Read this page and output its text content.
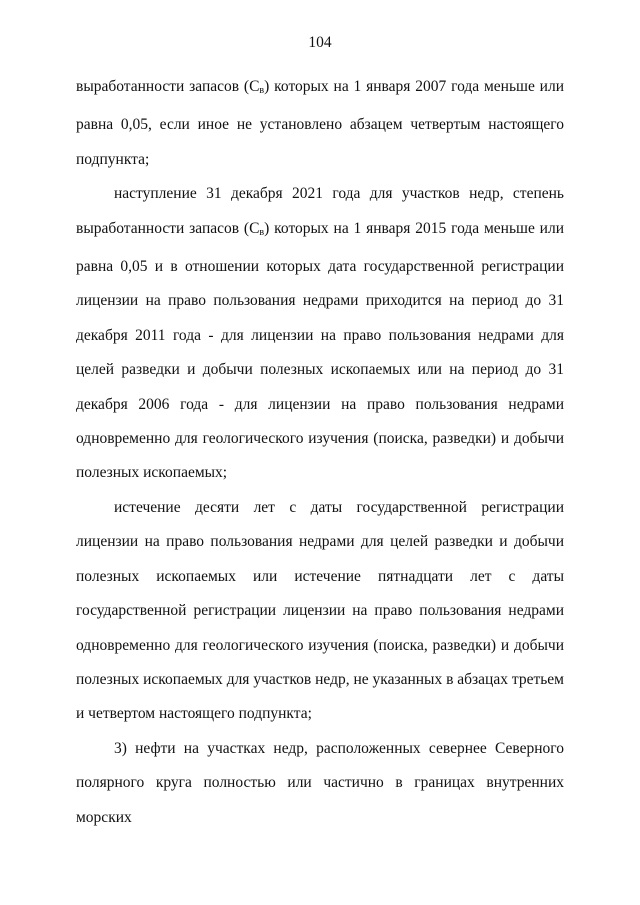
104

выработанности запасов $(С_в)$ которых на 1 января 2007 года меньше или равна 0,05, если иное не установлено абзацем четвертым настоящего подпункта;

наступление 31 декабря 2021 года для участков недр, степень выработанности запасов $(С_в)$ которых на 1 января 2015 года меньше или равна 0,05 и в отношении которых дата государственной регистрации лицензии на право пользования недрами приходится на период до 31 декабря 2011 года - для лицензии на право пользования недрами для целей разведки и добычи полезных ископаемых или на период до 31 декабря 2006 года - для лицензии на право пользования недрами одновременно для геологического изучения (поиска, разведки) и добычи полезных ископаемых;

истечение десяти лет с даты государственной регистрации лицензии на право пользования недрами для целей разведки и добычи полезных ископаемых или истечение пятнадцати лет с даты государственной регистрации лицензии на право пользования недрами одновременно для геологического изучения (поиска, разведки) и добычи полезных ископаемых для участков недр, не указанных в абзацах третьем и четвертом настоящего подпункта;

3) нефти на участках недр, расположенных севернее Северного полярного круга полностью или частично в границах внутренних морских
